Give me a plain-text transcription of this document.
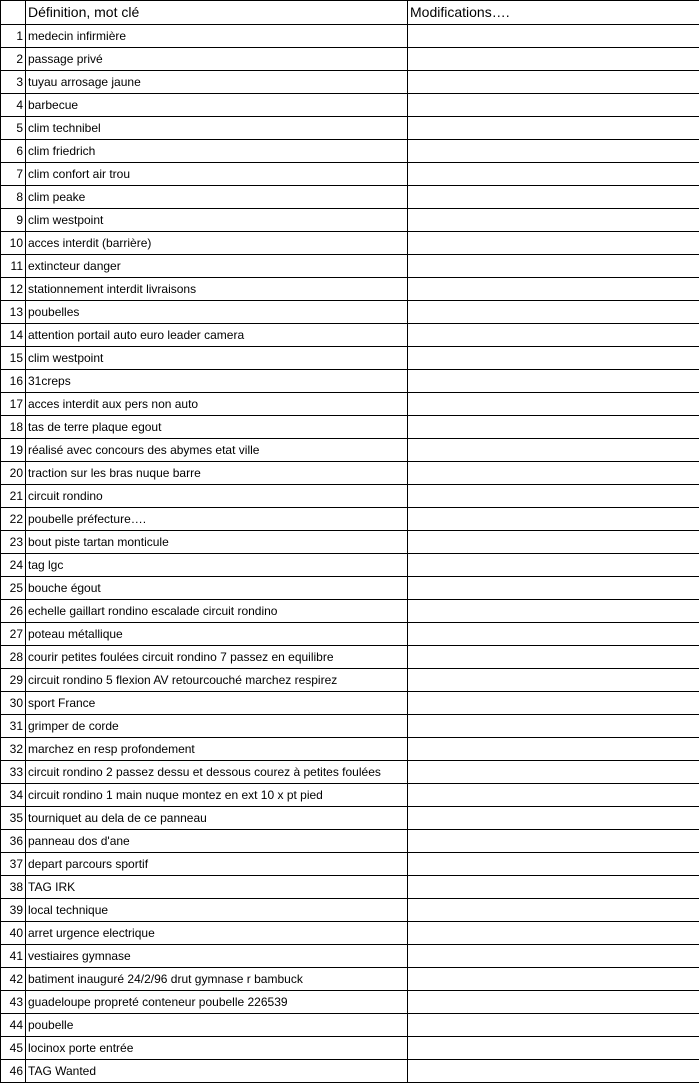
	Définition, mot clé	Modifications….
1	medecin infirmière	
2	passage privé	
3	tuyau arrosage jaune	
4	barbecue	
5	clim technibel	
6	clim friedrich	
7	clim confort air trou	
8	clim peake	
9	clim westpoint	
10	acces interdit (barrière)	
11	extincteur danger	
12	stationnement interdit livraisons	
13	poubelles	
14	attention portail auto euro leader camera	
15	clim westpoint	
16	31creps	
17	acces interdit aux pers non auto	
18	tas de terre plaque egout	
19	réalisé avec concours des abymes etat ville	
20	traction sur les bras nuque barre	
21	circuit rondino	
22	poubelle préfecture….	
23	bout piste tartan monticule	
24	tag lgc	
25	bouche égout	
26	echelle gaillart rondino escalade circuit rondino	
27	poteau métallique	
28	courir petites foulées circuit rondino 7 passez en equilibre	
29	circuit rondino 5 flexion AV retourcouché marchez respirez	
30	sport France	
31	grimper de corde	
32	marchez en resp profondement	
33	circuit rondino 2 passez dessu et dessous courez à petites foulées	
34	circuit rondino 1 main nuque montez en ext 10 x pt pied	
35	tourniquet au dela de ce panneau	
36	panneau dos d'ane	
37	depart parcours sportif	
38	TAG IRK	
39	local technique	
40	arret urgence electrique	
41	vestiaires gymnase	
42	batiment inauguré 24/2/96 drut gymnase r bambuck	
43	guadeloupe propreté conteneur poubelle 226539	
44	poubelle	
45	locinox porte entrée	
46	TAG Wanted	
